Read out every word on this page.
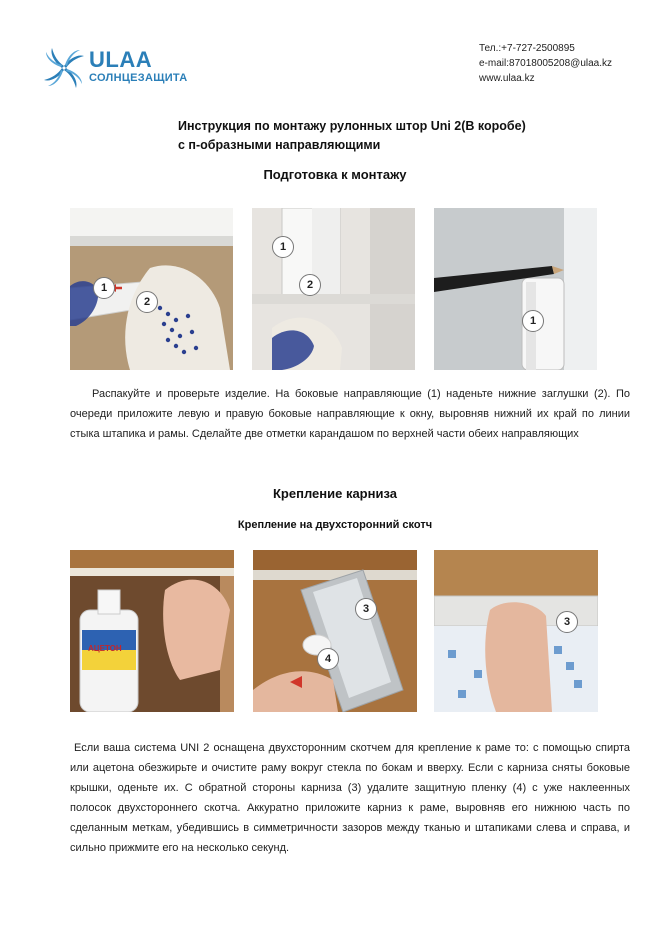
ULAA
СОЛНЦЕЗАЩИТА
Тел.:+7-727-2500895
e-mail:87018005208@ulaa.kz
www.ulaa.kz
Инструкция по монтажу рулонных штор Uni 2(В коробе)
с п-образными направляющими
Подготовка к монтажу
1
2
1
2
1
Распакуйте и проверьте изделие. На боковые направляющие (1) наденьте нижние заглушки (2). По очереди приложите левую и правую боковые направляющие к окну, выровняв нижний их край по линии стыка штапика и рамы. Сделайте две отметки карандашом по верхней части обеих направляющих
Крепление карниза
Крепление на двухсторонний скотч
АЦЕТОН
3
4
3
Если ваша система UNI 2 оснащена двухсторонним скотчем для крепление к раме то: с помощью спирта или ацетона обезжирьте и очистите раму вокруг стекла по бокам и вверху. Если с карниза сняты боковые крышки, оденьте их. С обратной стороны карниза (3) удалите защитную пленку (4) с уже наклеенных полосок двухстороннего скотча. Аккуратно приложите карниз к раме, выровняв его нижнюю часть по сделанным меткам, убедившись в симметричности зазоров между тканью и штапиками слева и справа, и сильно прижмите его на несколько секунд.
